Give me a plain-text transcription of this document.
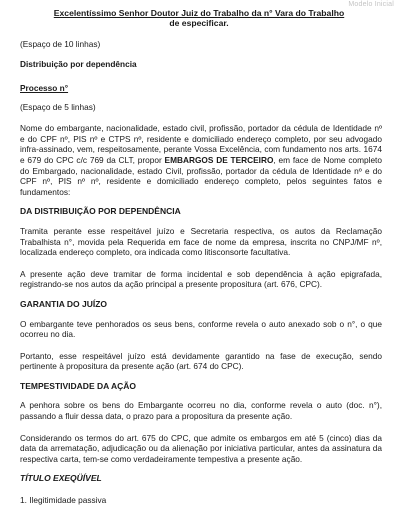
Modelo Inicial
Excelentíssimo Senhor Doutor Juiz do Trabalho da n° Vara do Trabalho
de especificar.

(Espaço de 10 linhas)

Distribuição por dependência

Processo n°

(Espaço de 5 linhas)

Nome do embargante, nacionalidade, estado civil, profissão, portador da cédula de Identidade nº e do CPF nº, PIS nº e CTPS nº, residente e domiciliado endereço completo, por seu advogado infra-assinado, vem, respeitosamente, perante Vossa Excelência, com fundamento nos arts. 1674 e 679 do CPC c/c 769 da CLT, propor EMBARGOS DE TERCEIRO, em face de Nome completo do Embargado, nacionalidade, estado Civil, profissão, portador da cédula de Identidade nº e do CPF nº, PIS nº nº, residente e domiciliado endereço completo, pelos seguintes fatos e fundamentos:

DA DISTRIBUIÇÃO POR DEPENDÊNCIA

Tramita perante esse respeitável juízo e Secretaria respectiva, os autos da Reclamação Trabalhista n°, movida pela Requerida em face de nome da empresa, inscrita no CNPJ/MF nº, localizada endereço completo, ora indicada como litisconsorte facultativa.

A presente ação deve tramitar de forma incidental e sob dependência à ação epigrafada, registrando-se nos autos da ação principal a presente propositura (art. 676, CPC).

GARANTIA DO JUÍZO

O embargante teve penhorados os seus bens, conforme revela o auto anexado sob o n°, o que ocorreu no dia.

Portanto, esse respeitável juízo está devidamente garantido na fase de execução, sendo pertinente à propositura da presente ação (art. 674 do CPC).

TEMPESTIVIDADE DA AÇÃO

A penhora sobre os bens do Embargante ocorreu no dia, conforme revela o auto (doc. n°), passando a fluir dessa data, o prazo para a propositura da presente ação.

Considerando os termos do art. 675 do CPC, que admite os embargos em até 5 (cinco) dias da data da arrematação, adjudicação ou da alienação por iniciativa particular, antes da assinatura da respectiva carta, tem-se como verdadeiramente tempestiva a presente ação.

TÍTULO EXEQÜÍVEL

1. Ilegitimidade passiva
